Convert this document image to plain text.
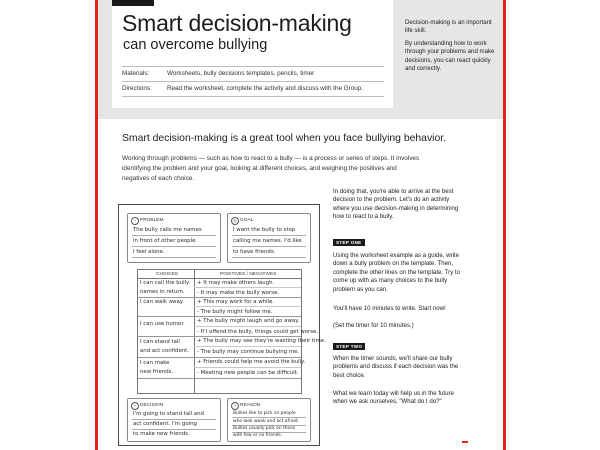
Smart decision-making
can overcome bullying
Materials:	Worksheets, bully decisions templates, pencils, timer
Directions: Read the worksheet, complete the activity and discuss with the Group.

Decision-making is an important life skill.

By understanding how to work through your problems and make decisions, you can react quickly and correctly.

Smart decision-making is a great tool when you face bullying behavior.
Working through problems — such as how to react to a bully — is a process or series of steps. It involves identifying the problem and your goal, looking at different choices, and weighing the positives and negatives of each choice.
! PROBLEM
The bully calls me names
in front of other people.
I feel alone.
◎ GOAL
I want the bully to stop
calling me names. I'd like
to have friends.
CHOICES	POSITIVES / NEGATIVES
I can call the bully
names in return.
+ It may make others laugh.
- It may make the bully worse.
I can walk away. + This may work for a while.
- The bully might follow me.
I can use humor. + The bully might laugh and go away.
- If I offend the bully, things could get worse.
I can stand tall
and act confident.
+ The bully may see they're wasting their time.
- The bully may continue bullying me.
I can make
new friends.
+ Friends could help me avoid the bully.
- Meeting new people can be difficult.
✓ DECISION
I'm going to stand tall and
act confident. I'm going
to make new friends.
? REASON
Bullies like to pick on people
who look weak and act afraid.
Bullies usually pick on those
with few or no friends.
In doing that, you're able to arrive at the best decision to the problem. Let's do an activity where you use decision-making in determining how to react to a bully.
STEP ONE
Using the worksheet example as a guide, write down a bully problem on the template. Then, complete the other lines on the template. Try to come up with as many choices to the bully problem as you can.
You'll have 10 minutes to write. Start now!
(Set the timer for 10 minutes.)
STEP TWO
When the timer sounds, we'll share our bully problems and discuss if each decision was the best choice.
What we learn today will help us in the future when we ask ourselves, "What do I do?"
